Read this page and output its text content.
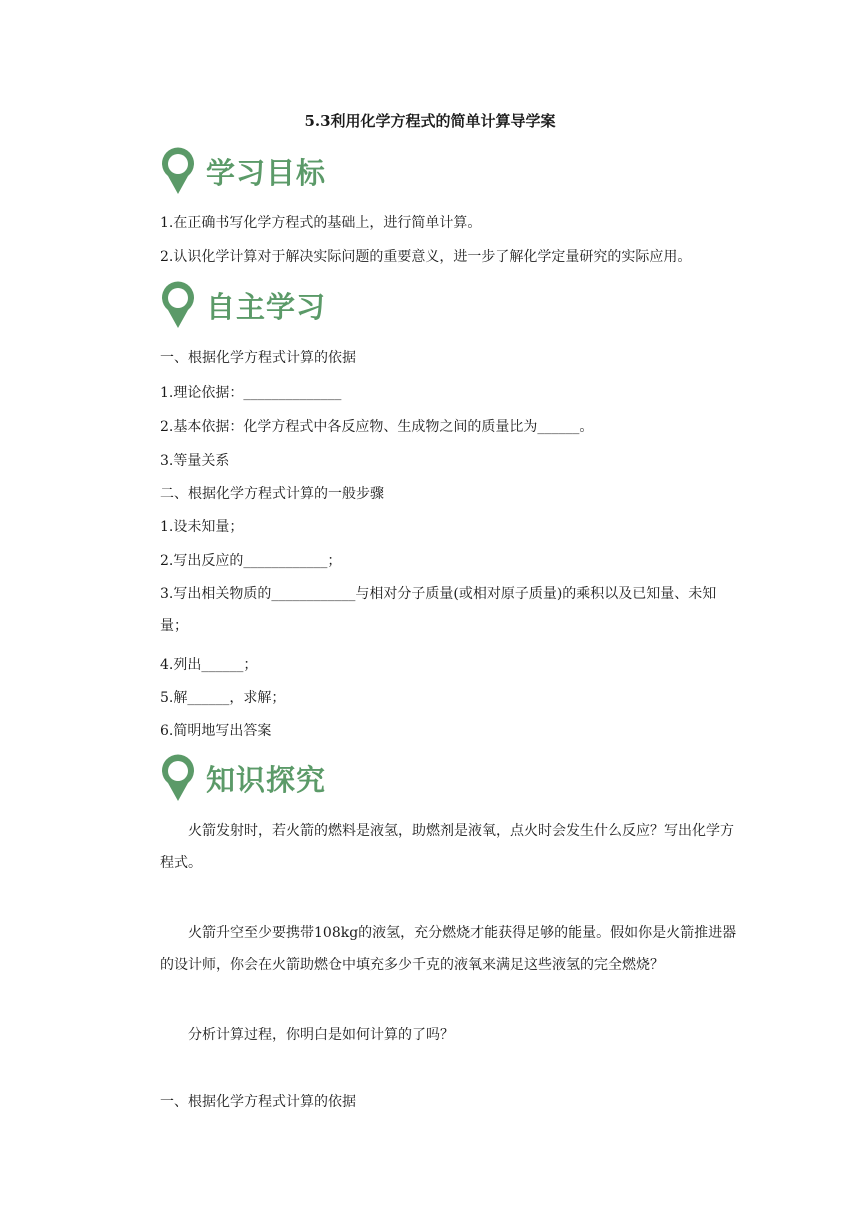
5.3利用化学方程式的简单计算导学案
学习目标
1.在正确书写化学方程式的基础上，进行简单计算。
2.认识化学计算对于解决实际问题的重要意义，进一步了解化学定量研究的实际应用。
自主学习
一、根据化学方程式计算的依据
1.理论依据：______________
2.基本依据：化学方程式中各反应物、生成物之间的质量比为______。
3.等量关系
二、根据化学方程式计算的一般步骤
1.设未知量；
2.写出反应的____________；
3.写出相关物质的____________与相对分子质量(或相对原子质量)的乘积以及已知量、未知量；
4.列出______；
5.解______，求解；
6.简明地写出答案
知识探究
火箭发射时，若火箭的燃料是液氢，助燃剂是液氧，点火时会发生什么反应？写出化学方程式。
火箭升空至少要携带108kg的液氢，充分燃烧才能获得足够的能量。假如你是火箭推进器的设计师，你会在火箭助燃仓中填充多少千克的液氧来满足这些液氢的完全燃烧？
分析计算过程，你明白是如何计算的了吗？
一、根据化学方程式计算的依据
